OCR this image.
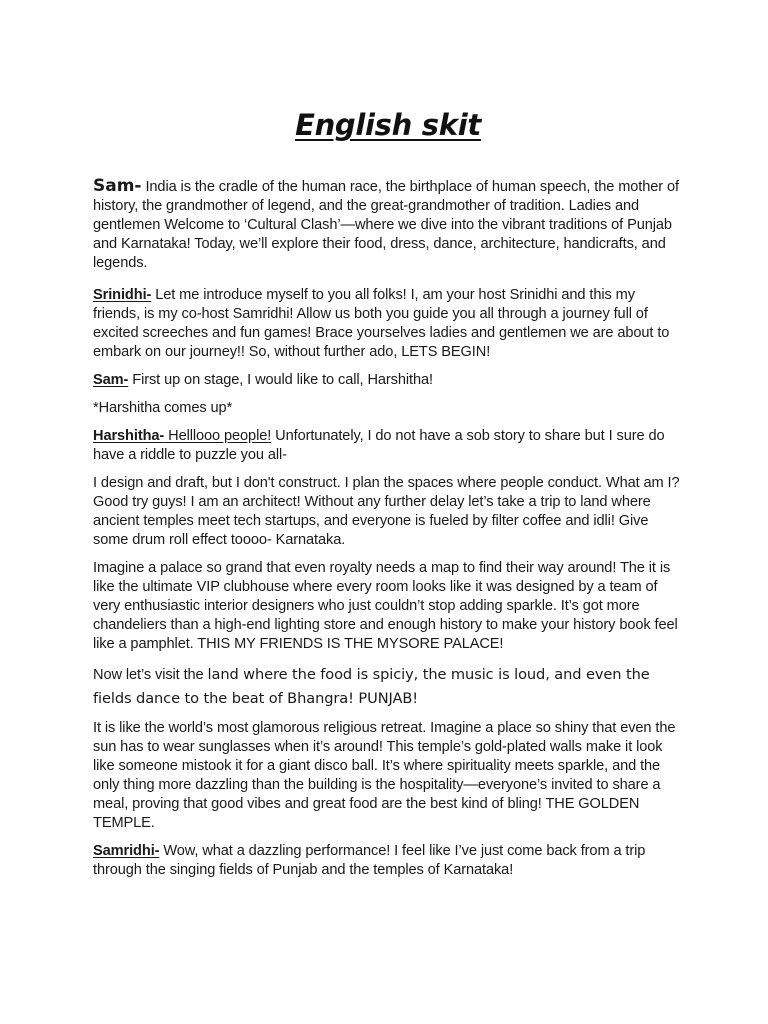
English skit

Sam- India is the cradle of the human race, the birthplace of human speech, the mother of history, the grandmother of legend, and the great-grandmother of tradition. Ladies and gentlemen Welcome to ‘Cultural Clash’—where we dive into the vibrant traditions of Punjab and Karnataka! Today, we’ll explore their food, dress, dance, architecture, handicrafts, and legends.

Srinidhi- Let me introduce myself to you all folks! I, am your host Srinidhi and this my friends, is my co-host Samridhi! Allow us both you guide you all through a journey full of excited screeches and fun games! Brace yourselves ladies and gentlemen we are about to embark on our journey!! So, without further ado, LETS BEGIN!

Sam- First up on stage, I would like to call, Harshitha!

*Harshitha comes up*

Harshitha- Helllooo people! Unfortunately, I do not have a sob story to share but I sure do have a riddle to puzzle you all-

I design and draft, but I don't construct. I plan the spaces where people conduct. What am I? Good try guys! I am an architect! Without any further delay let’s take a trip to land where ancient temples meet tech startups, and everyone is fueled by filter coffee and idli! Give some drum roll effect toooo- Karnataka.

Imagine a palace so grand that even royalty needs a map to find their way around! The it is like the ultimate VIP clubhouse where every room looks like it was designed by a team of very enthusiastic interior designers who just couldn’t stop adding sparkle. It’s got more chandeliers than a high-end lighting store and enough history to make your history book feel like a pamphlet. THIS MY FRIENDS IS THE MYSORE PALACE!

Now let’s visit the land where the food is spiciy, the music is loud, and even the fields dance to the beat of Bhangra! PUNJAB!

It is like the world’s most glamorous religious retreat. Imagine a place so shiny that even the sun has to wear sunglasses when it’s around! This temple’s gold-plated walls make it look like someone mistook it for a giant disco ball. It’s where spirituality meets sparkle, and the only thing more dazzling than the building is the hospitality—everyone’s invited to share a meal, proving that good vibes and great food are the best kind of bling! THE GOLDEN TEMPLE.

Samridhi- Wow, what a dazzling performance! I feel like I’ve just come back from a trip through the singing fields of Punjab and the temples of Karnataka!
